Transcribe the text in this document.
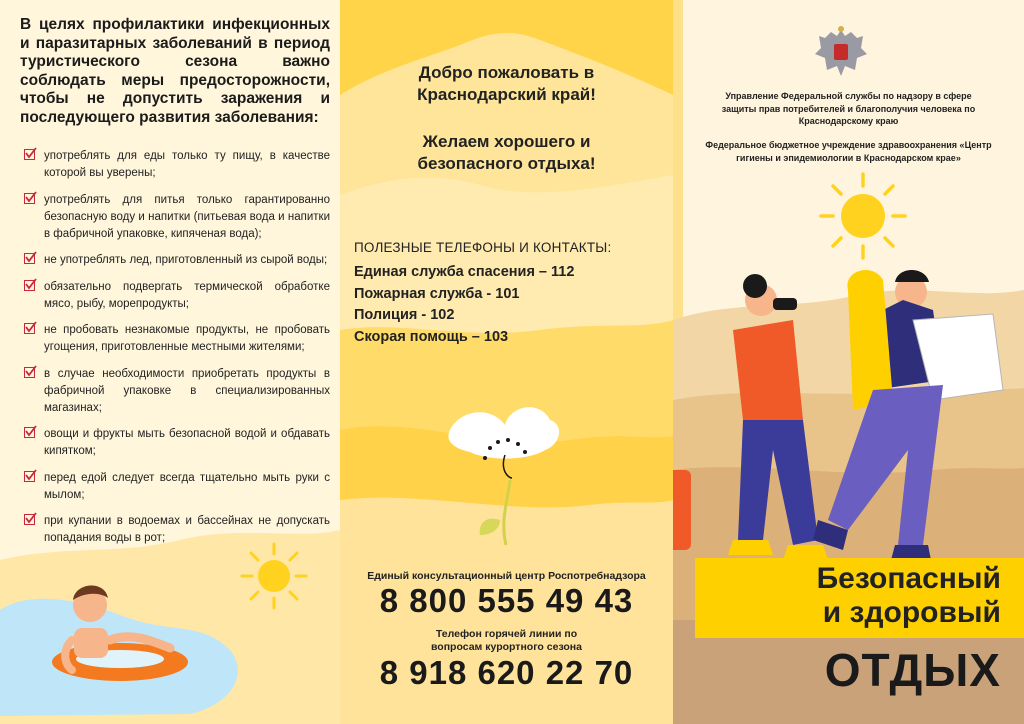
В целях профилактики инфекционных и паразитарных заболеваний в период туристического сезона важно соблюдать меры предосторожности, чтобы не допустить заражения и последующего развития заболевания:
употреблять для еды только ту пищу, в качестве которой вы уверены;
употреблять для питья только гарантированно безопасную воду и напитки (питьевая вода и напитки в фабричной упаковке, кипяченая вода);
не употреблять лед, приготовленный из сырой воды;
обязательно подвергать термической обработке мясо, рыбу, морепродукты;
не пробовать незнакомые продукты, не пробовать угощения, приготовленные местными жителями;
в случае необходимости приобретать продукты в фабричной упаковке в специализированных магазинах;
овощи и фрукты мыть безопасной водой и обдавать кипятком;
перед едой следует всегда тщательно мыть руки с мылом;
при купании в водоемах и бассейнах не допускать попадания воды в рот;
Добро пожаловать в Краснодарский край!
Желаем хорошего и безопасного отдыха!
ПОЛЕЗНЫЕ ТЕЛЕФОНЫ И КОНТАКТЫ:
Единая служба спасения – 112
Пожарная служба - 101
Полиция - 102
Скорая помощь – 103
Единый консультационный центр Роспотребнадзора
8 800 555 49 43
Телефон горячей линии по вопросам курортного сезона
8 918 620 22 70
Управление Федеральной службы по надзору в сфере защиты прав потребителей и благополучия человека по Краснодарскому краю
Федеральное бюджетное учреждение здравоохранения «Центр гигиены и эпидемиологии в Краснодарском крае»
Безопасный
и здоровый
ОТДЫХ
